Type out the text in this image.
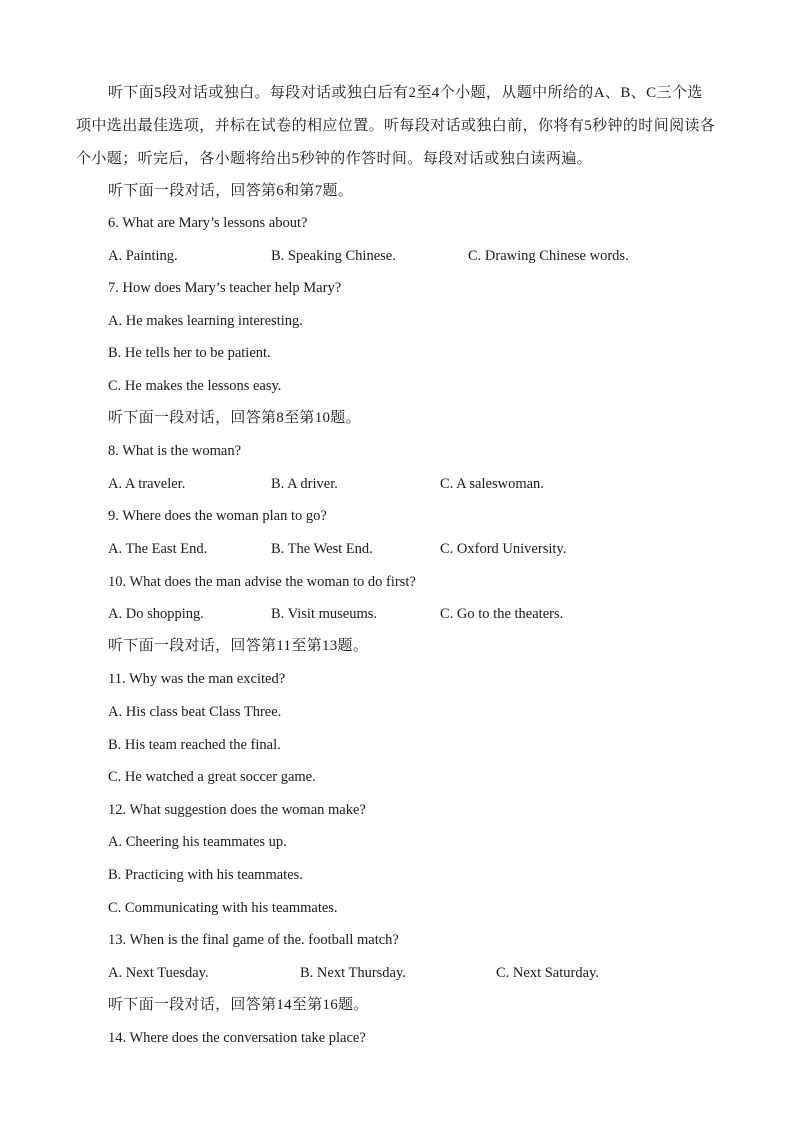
听下面5段对话或独白。每段对话或独白后有2至4个小题，从题中所给的A、B、C三个选项中选出最佳选项，并标在试卷的相应位置。听每段对话或独白前，你将有5秒钟的时间阅读各个小题；听完后，各小题将给出5秒钟的作答时间。每段对话或独白读两遍。
听下面一段对话，回答第6和第7题。
6. What are Mary’s lessons about?
A. Painting.	B. Speaking Chinese.	C. Drawing Chinese words.
7. How does Mary’s teacher help Mary?
A. He makes learning interesting.
B. He tells her to be patient.
C. He makes the lessons easy.
听下面一段对话，回答第8至第10题。
8. What is the woman?
A. A traveler.	B. A driver.	C. A saleswoman.
9. Where does the woman plan to go?
A. The East End.	B. The West End.	C. Oxford University.
10. What does the man advise the woman to do first?
A. Do shopping.	B. Visit museums.	C. Go to the theaters.
听下面一段对话，回答第11至第13题。
11. Why was the man excited?
A. His class beat Class Three.
B. His team reached the final.
C. He watched a great soccer game.
12. What suggestion does the woman make?
A. Cheering his teammates up.
B. Practicing with his teammates.
C. Communicating with his teammates.
13. When is the final game of the. football match?
A. Next Tuesday.	B. Next Thursday.	C. Next Saturday.
听下面一段对话，回答第14至第16题。
14. Where does the conversation take place?
